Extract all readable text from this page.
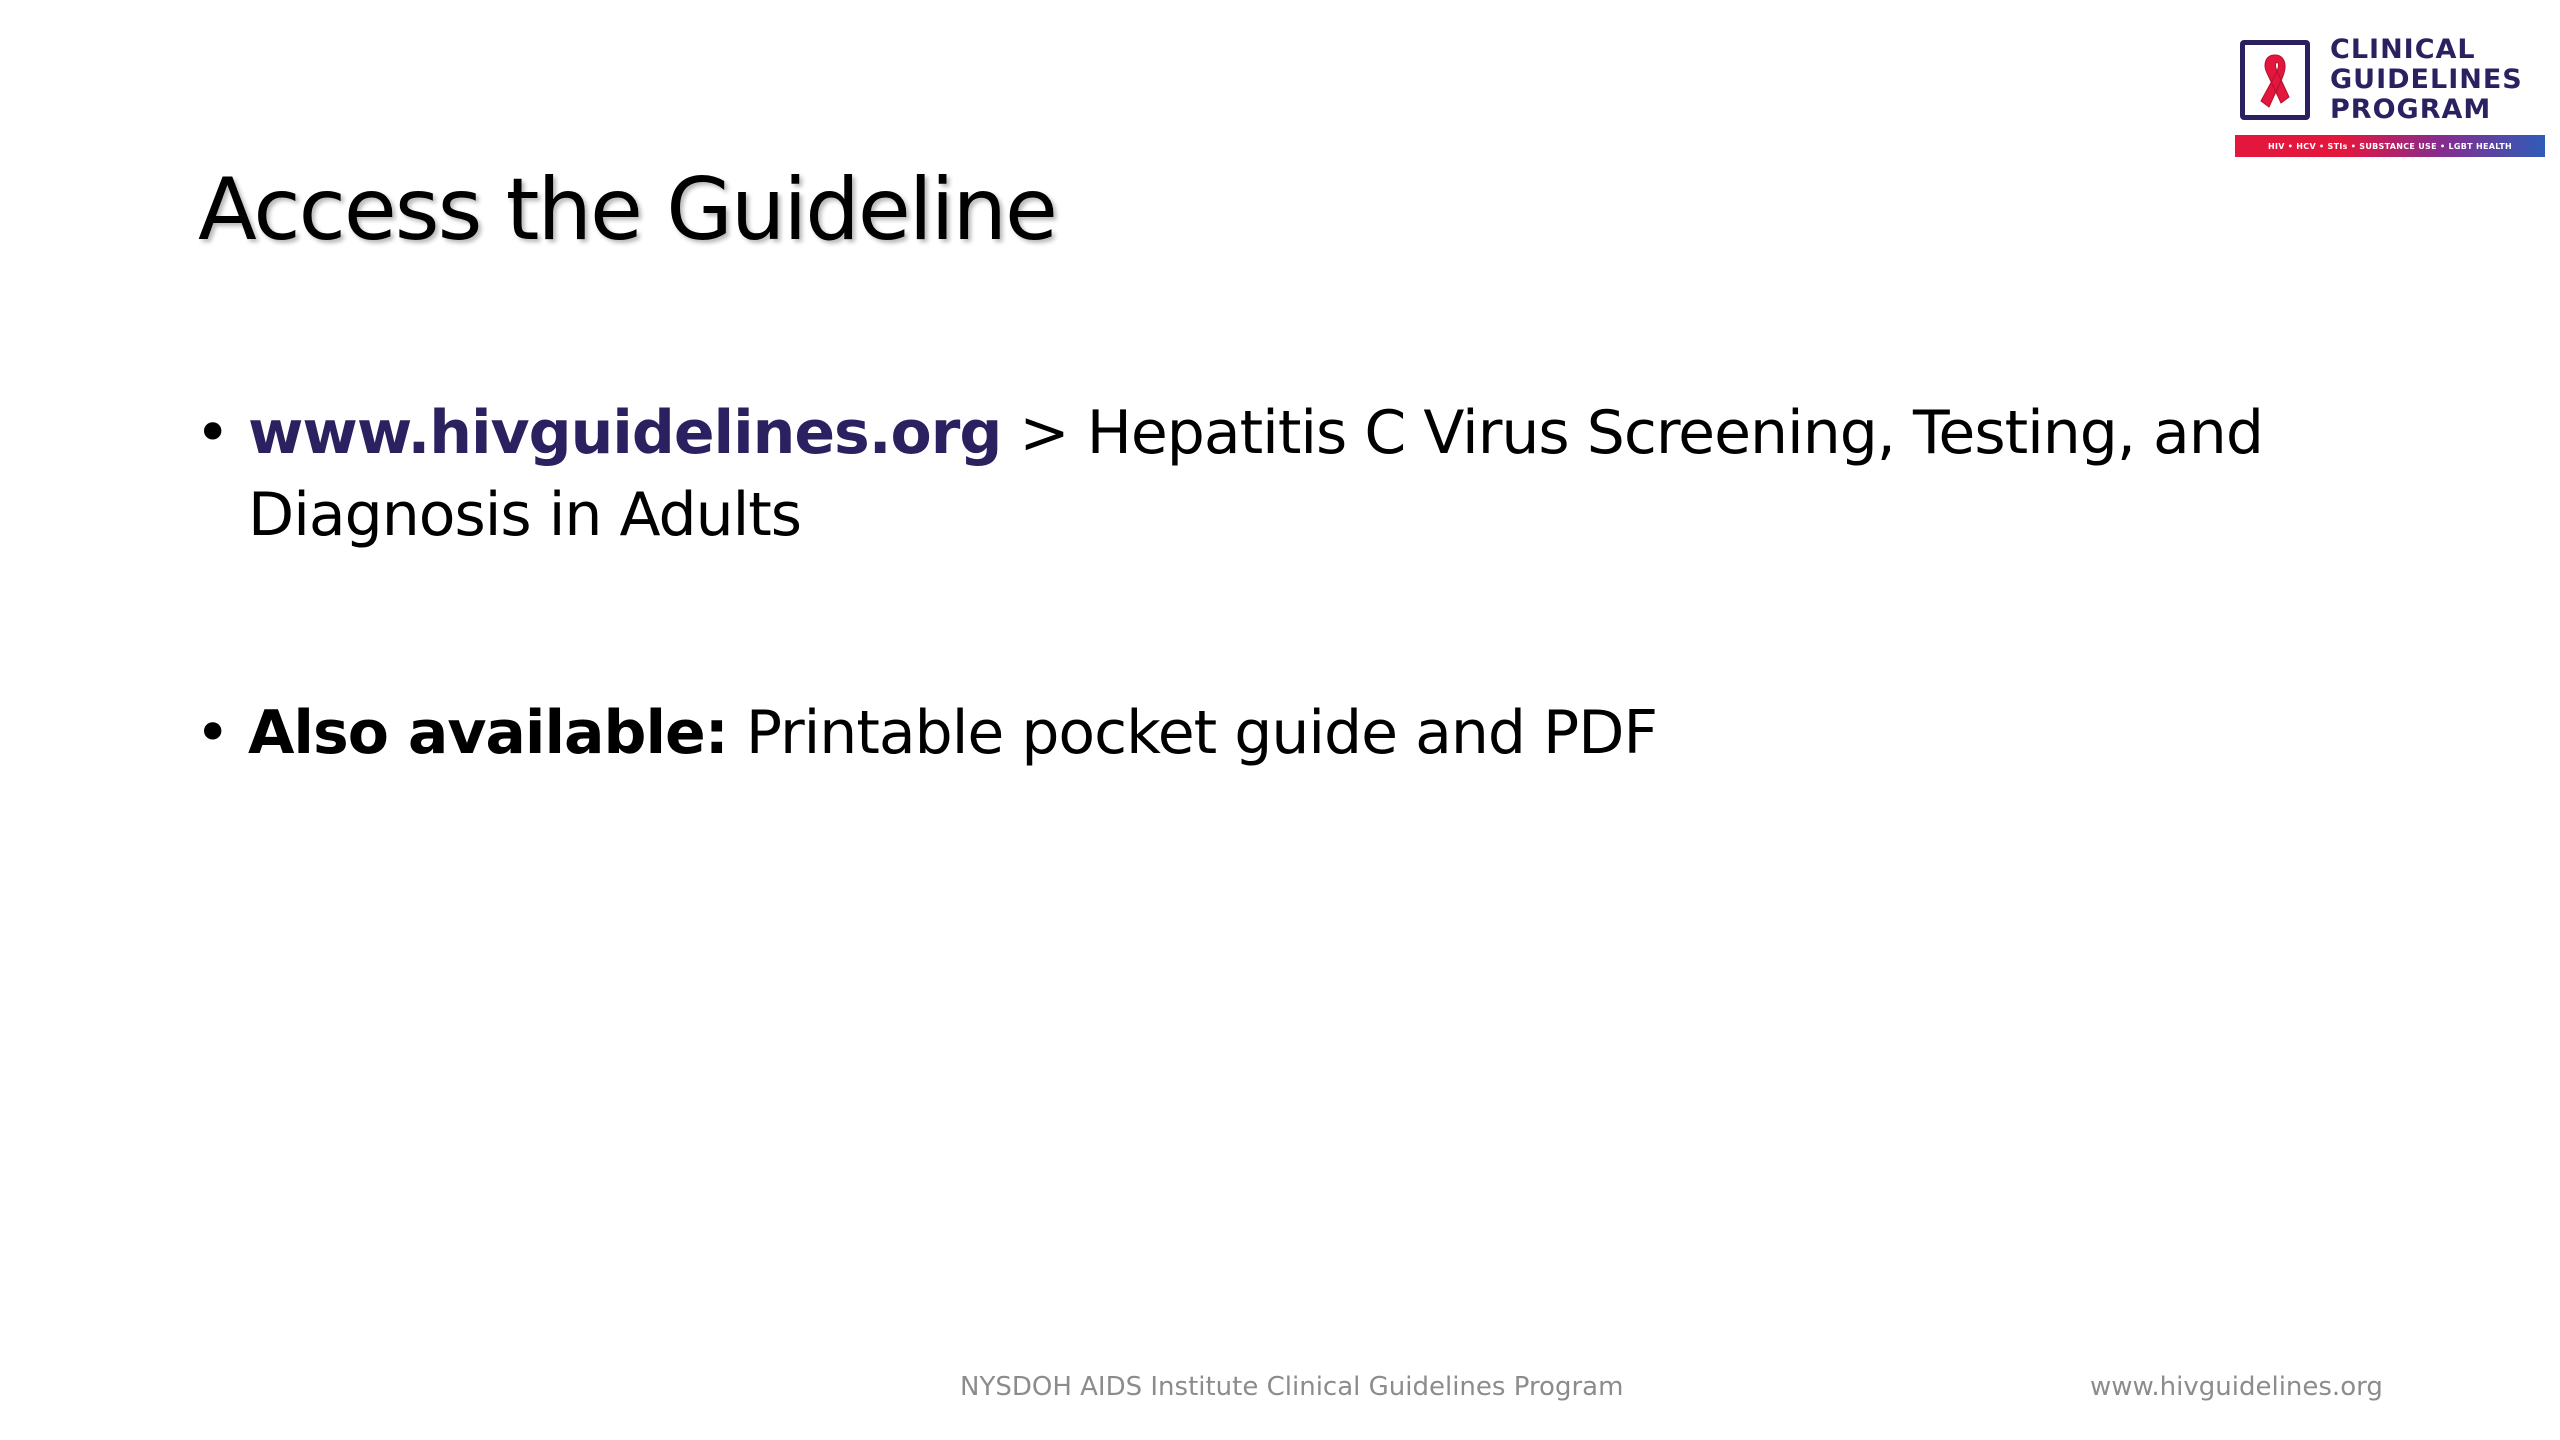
CLINICAL
GUIDELINES
PROGRAM
HIV • HCV • STIs • SUBSTANCE USE • LGBT HEALTH
Access the Guideline
• www.hivguidelines.org > Hepatitis C Virus Screening, Testing, and Diagnosis in Adults
• Also available: Printable pocket guide and PDF
NYSDOH AIDS Institute Clinical Guidelines Program	www.hivguidelines.org
